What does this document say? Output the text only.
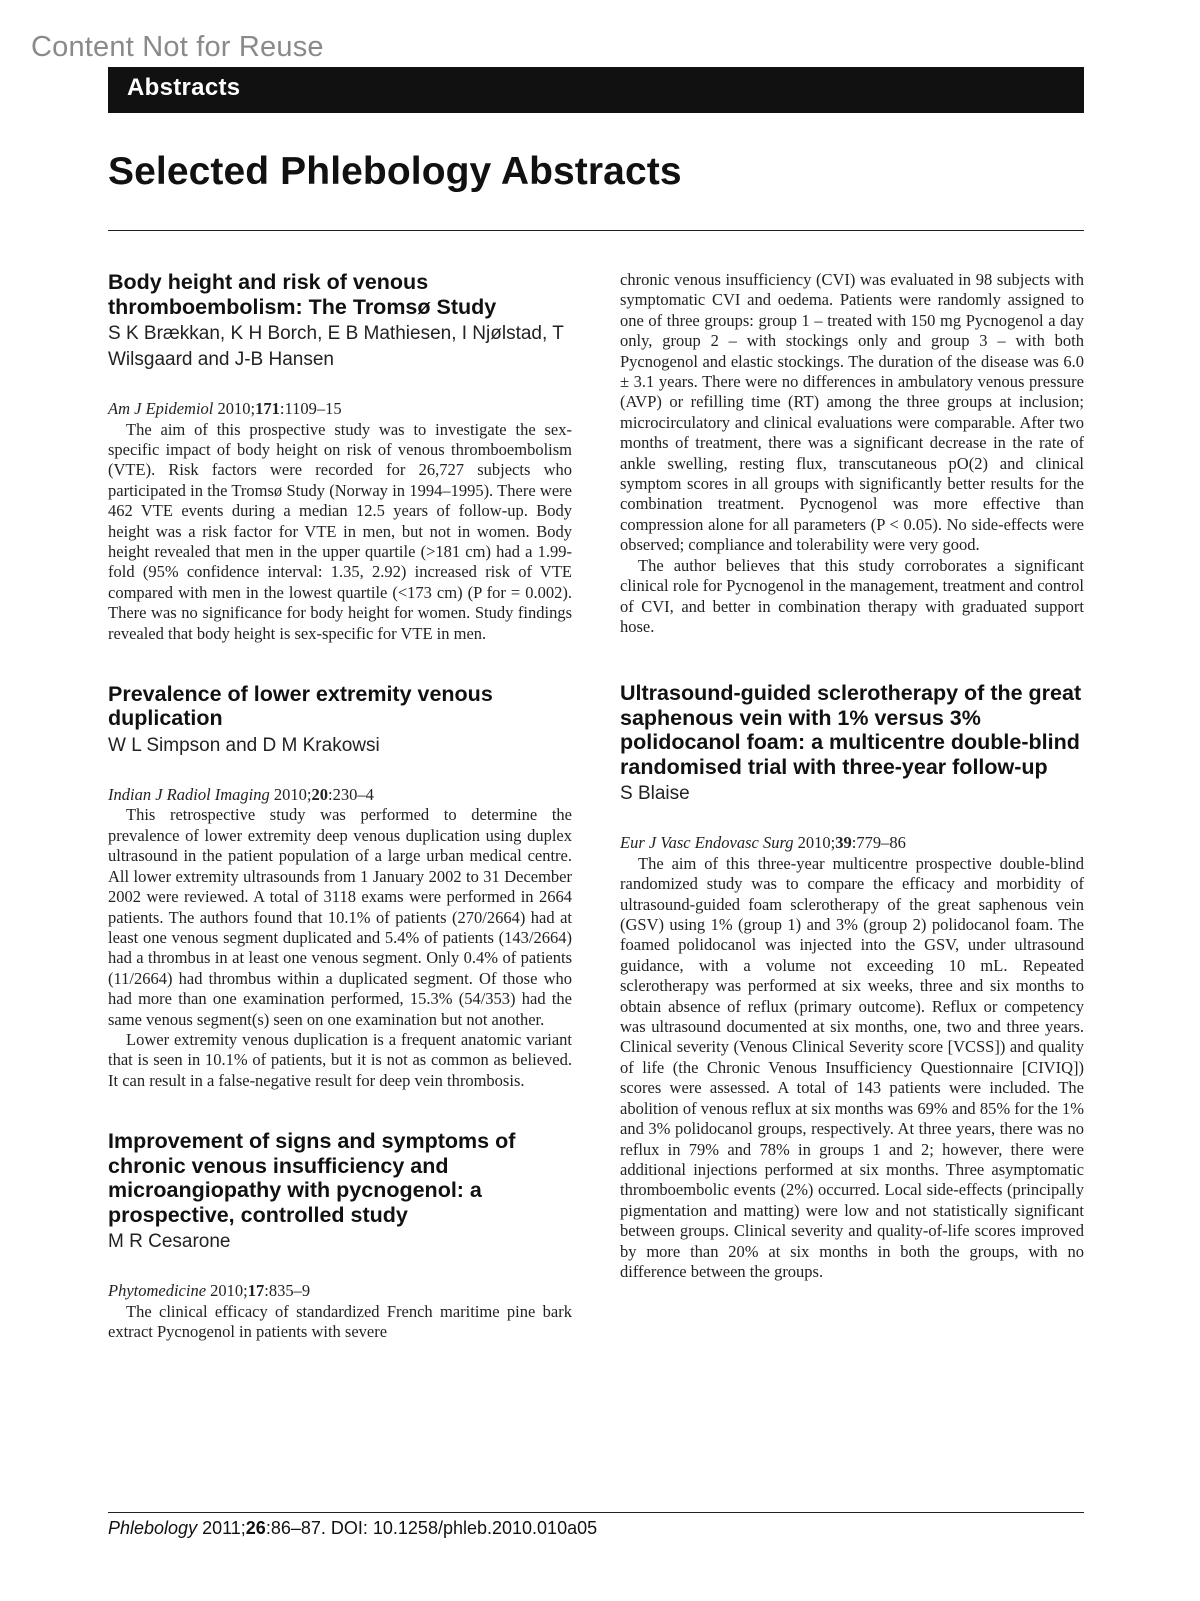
Content Not for Reuse
Abstracts
Selected Phlebology Abstracts
Body height and risk of venous thromboembolism: The Tromsø Study

S K Brækkan, K H Borch, E B Mathiesen, I Njølstad, T Wilsgaard and J-B Hansen

Am J Epidemiol 2010;171:1109–15

The aim of this prospective study was to investigate the sex-specific impact of body height on risk of venous thromboembolism (VTE). Risk factors were recorded for 26,727 subjects who participated in the Tromsø Study (Norway in 1994–1995). There were 462 VTE events during a median 12.5 years of follow-up. Body height was a risk factor for VTE in men, but not in women. Body height revealed that men in the upper quartile (>181 cm) had a 1.99-fold (95% confidence interval: 1.35, 2.92) increased risk of VTE compared with men in the lowest quartile (<173 cm) (P for = 0.002). There was no significance for body height for women. Study findings revealed that body height is sex-specific for VTE in men.

Prevalence of lower extremity venous duplication

W L Simpson and D M Krakowsi

Indian J Radiol Imaging 2010;20:230–4

This retrospective study was performed to determine the prevalence of lower extremity deep venous duplication using duplex ultrasound in the patient population of a large urban medical centre. All lower extremity ultrasounds from 1 January 2002 to 31 December 2002 were reviewed. A total of 3118 exams were performed in 2664 patients. The authors found that 10.1% of patients (270/2664) had at least one venous segment duplicated and 5.4% of patients (143/2664) had a thrombus in at least one venous segment. Only 0.4% of patients (11/2664) had thrombus within a duplicated segment. Of those who had more than one examination performed, 15.3% (54/353) had the same venous segment(s) seen on one examination but not another.

Lower extremity venous duplication is a frequent anatomic variant that is seen in 10.1% of patients, but it is not as common as believed. It can result in a false-negative result for deep vein thrombosis.

Improvement of signs and symptoms of chronic venous insufficiency and microangiopathy with pycnogenol: a prospective, controlled study

M R Cesarone

Phytomedicine 2010;17:835–9

The clinical efficacy of standardized French maritime pine bark extract Pycnogenol in patients with severe

chronic venous insufficiency (CVI) was evaluated in 98 subjects with symptomatic CVI and oedema. Patients were randomly assigned to one of three groups: group 1 – treated with 150 mg Pycnogenol a day only, group 2 – with stockings only and group 3 – with both Pycnogenol and elastic stockings. The duration of the disease was 6.0 ± 3.1 years. There were no differences in ambulatory venous pressure (AVP) or refilling time (RT) among the three groups at inclusion; microcirculatory and clinical evaluations were comparable. After two months of treatment, there was a significant decrease in the rate of ankle swelling, resting flux, transcutaneous pO(2) and clinical symptom scores in all groups with significantly better results for the combination treatment. Pycnogenol was more effective than compression alone for all parameters (P < 0.05). No side-effects were observed; compliance and tolerability were very good.

The author believes that this study corroborates a significant clinical role for Pycnogenol in the management, treatment and control of CVI, and better in combination therapy with graduated support hose.

Ultrasound-guided sclerotherapy of the great saphenous vein with 1% versus 3% polidocanol foam: a multicentre double-blind randomised trial with three-year follow-up

S Blaise

Eur J Vasc Endovasc Surg 2010;39:779–86

The aim of this three-year multicentre prospective double-blind randomized study was to compare the efficacy and morbidity of ultrasound-guided foam sclerotherapy of the great saphenous vein (GSV) using 1% (group 1) and 3% (group 2) polidocanol foam. The foamed polidocanol was injected into the GSV, under ultrasound guidance, with a volume not exceeding 10 mL. Repeated sclerotherapy was performed at six weeks, three and six months to obtain absence of reflux (primary outcome). Reflux or competency was ultrasound documented at six months, one, two and three years. Clinical severity (Venous Clinical Severity score [VCSS]) and quality of life (the Chronic Venous Insufficiency Questionnaire [CIVIQ]) scores were assessed. A total of 143 patients were included. The abolition of venous reflux at six months was 69% and 85% for the 1% and 3% polidocanol groups, respectively. At three years, there was no reflux in 79% and 78% in groups 1 and 2; however, there were additional injections performed at six months. Three asymptomatic thromboembolic events (2%) occurred. Local side-effects (principally pigmentation and matting) were low and not statistically significant between groups. Clinical severity and quality-of-life scores improved by more than 20% at six months in both the groups, with no difference between the groups.

Phlebology 2011;26:86–87. DOI: 10.1258/phleb.2010.010a05
